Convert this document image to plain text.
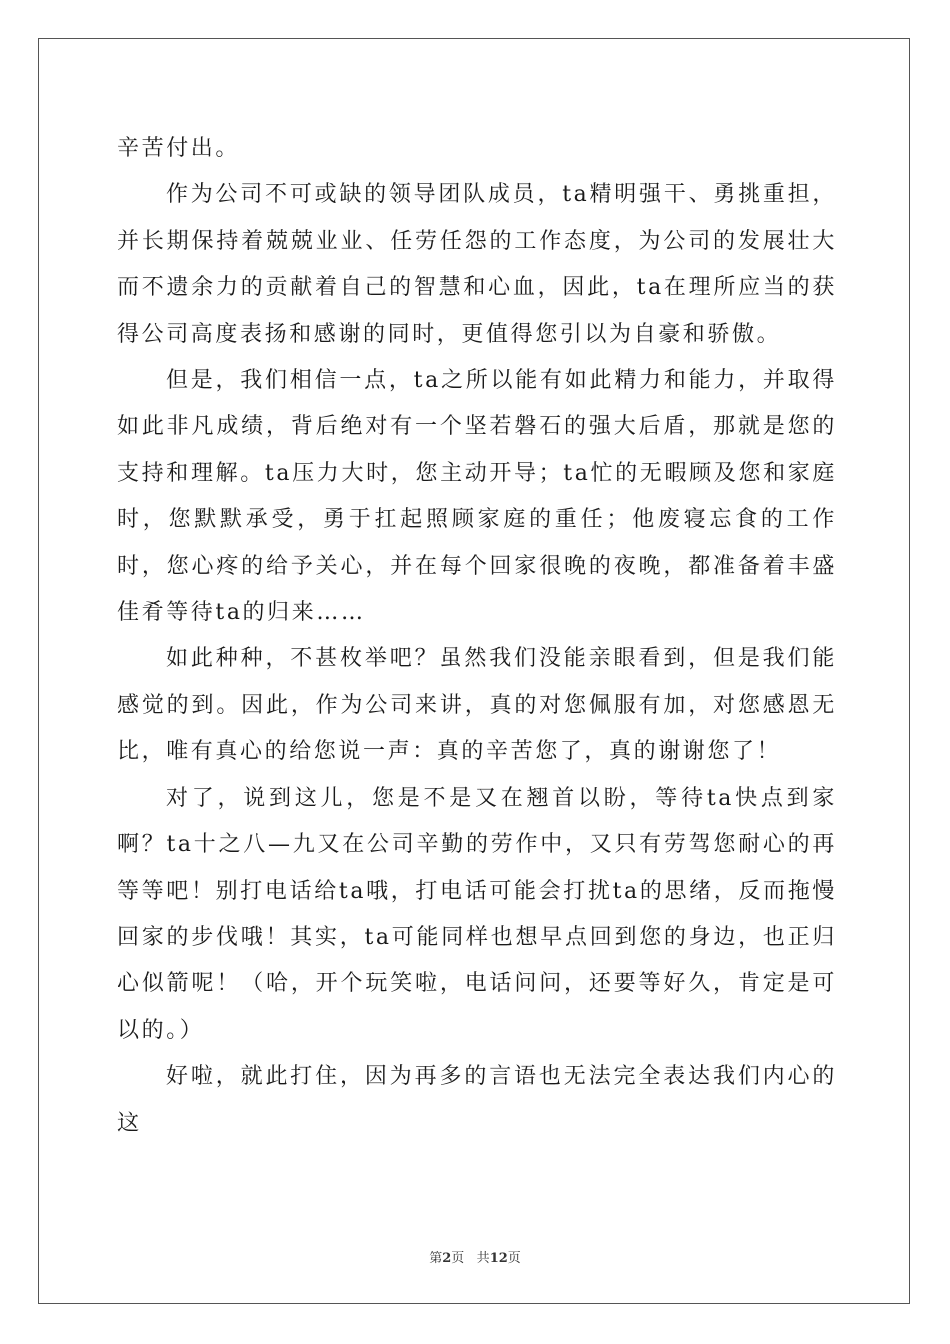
辛苦付出。

作为公司不可或缺的领导团队成员，ta精明强干、勇挑重担，并长期保持着兢兢业业、任劳任怨的工作态度，为公司的发展壮大而不遗余力的贡献着自己的智慧和心血，因此，ta在理所应当的获得公司高度表扬和感谢的同时，更值得您引以为自豪和骄傲。

但是，我们相信一点，ta之所以能有如此精力和能力，并取得如此非凡成绩，背后绝对有一个坚若磐石的强大后盾，那就是您的支持和理解。ta压力大时，您主动开导；ta忙的无暇顾及您和家庭时，您默默承受，勇于扛起照顾家庭的重任；他废寝忘食的工作时，您心疼的给予关心，并在每个回家很晚的夜晚，都准备着丰盛佳肴等待ta的归来……

如此种种，不甚枚举吧？虽然我们没能亲眼看到，但是我们能感觉的到。因此，作为公司来讲，真的对您佩服有加，对您感恩无比，唯有真心的给您说一声：真的辛苦您了，真的谢谢您了！

对了，说到这儿，您是不是又在翘首以盼，等待ta快点到家啊？ta十之八—九又在公司辛勤的劳作中，又只有劳驾您耐心的再等等吧！别打电话给ta哦，打电话可能会打扰ta的思绪，反而拖慢回家的步伐哦！其实，ta可能同样也想早点回到您的身边，也正归心似箭呢！（哈，开个玩笑啦，电话问问，还要等好久，肯定是可以的。）

好啦，就此打住，因为再多的言语也无法完全表达我们内心的这

第2页 共12页
